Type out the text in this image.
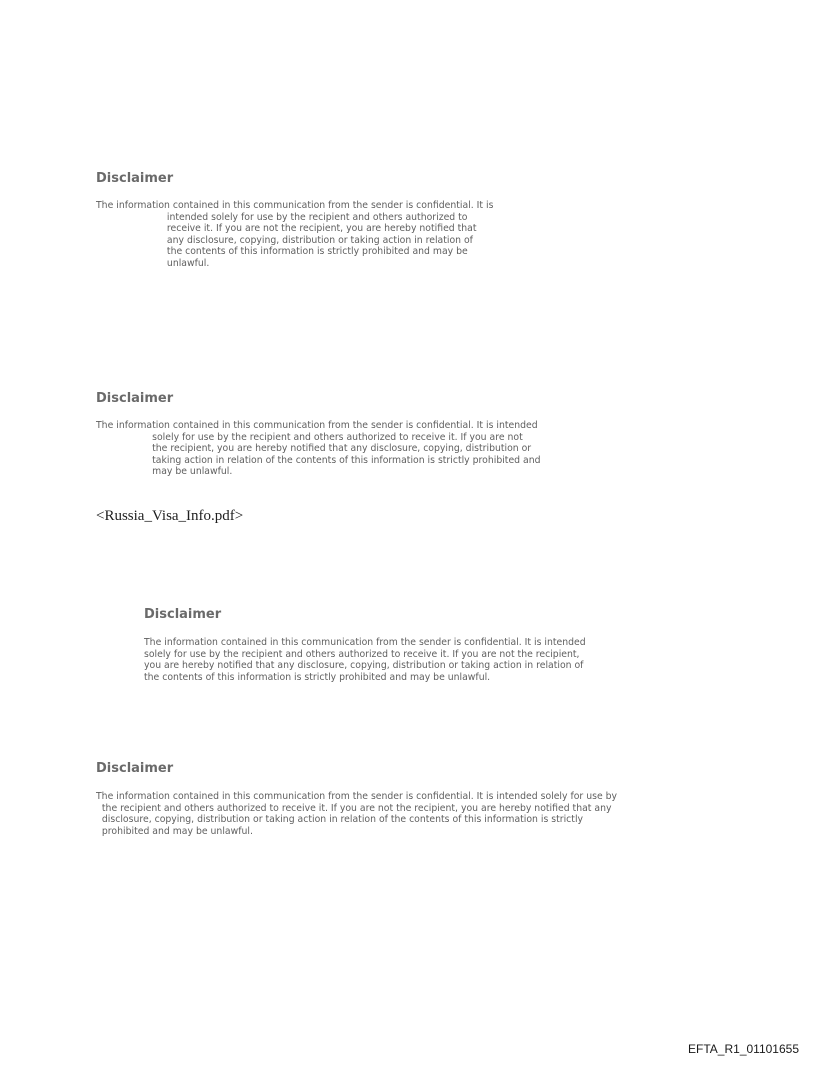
Disclaimer

The information contained in this communication from the sender is confidential. It is

intended solely for use by the recipient and others authorized to

receive it. If you are not the recipient, you are hereby notified that

any disclosure, copying, distribution or taking action in relation of

the contents of this information is strictly prohibited and may be

unlawful.

Disclaimer

The information contained in this communication from the sender is confidential. It is intended

solely for use by the recipient and others authorized to receive it. If you are not

the recipient, you are hereby notified that any disclosure, copying, distribution or

taking action in relation of the contents of this information is strictly prohibited and

may be unlawful.

<Russia_Visa_Info.pdf>

Disclaimer

The information contained in this communication from the sender is confidential. It is intended

solely for use by the recipient and others authorized to receive it. If you are not the recipient,

you are hereby notified that any disclosure, copying, distribution or taking action in relation of

the contents of this information is strictly prohibited and may be unlawful.

Disclaimer

The information contained in this communication from the sender is confidential. It is intended solely for use by

the recipient and others authorized to receive it. If you are not the recipient, you are hereby notified that any

disclosure, copying, distribution or taking action in relation of the contents of this information is strictly

prohibited and may be unlawful.

EFTA_R1_01101655
